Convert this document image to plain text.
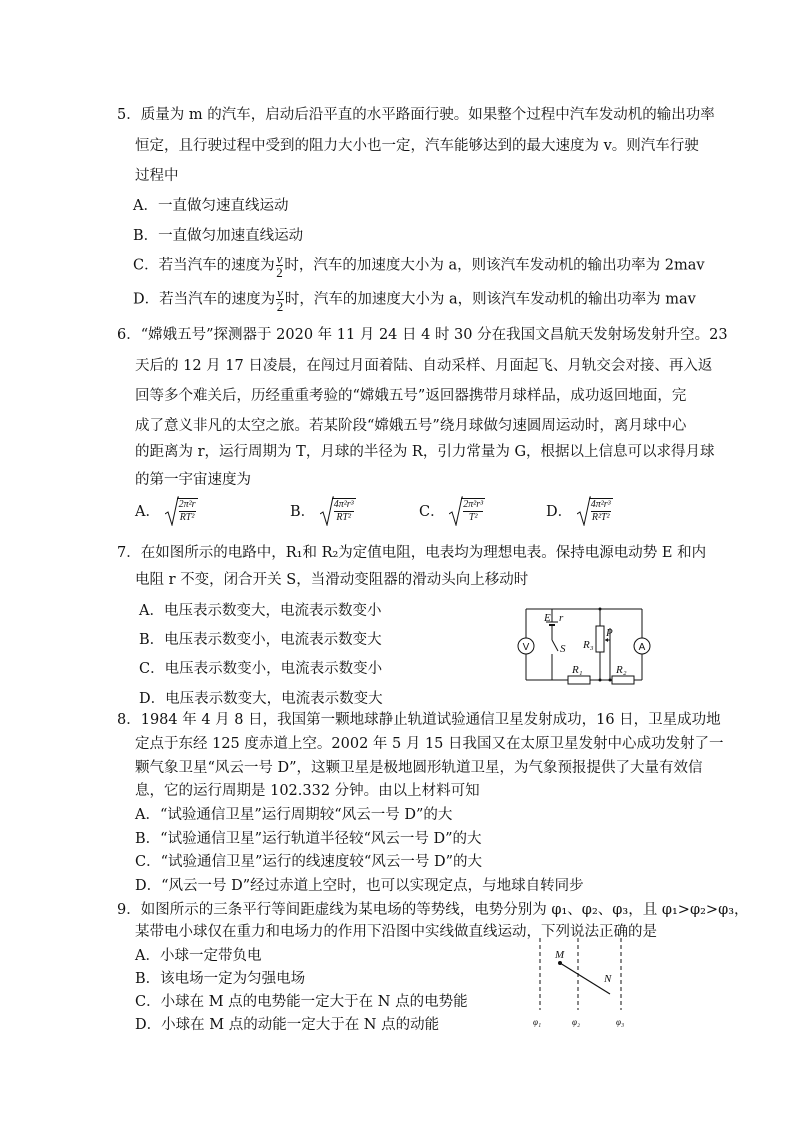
5．质量为 m 的汽车，启动后沿平直的水平路面行驶。如果整个过程中汽车发动机的输出功率
恒定，且行驶过程中受到的阻力大小也一定，汽车能够达到的最大速度为 v。则汽车行驶
过程中
A．一直做匀速直线运动
B．一直做匀加速直线运动
C．若当汽车的速度为 $\frac{v}{2}$ 时，汽车的加速度大小为 a，则该汽车发动机的输出功率为 2mav
D．若当汽车的速度为 $\frac{v}{2}$ 时，汽车的加速度大小为 a，则该汽车发动机的输出功率为 mav
6．“嫦娥五号”探测器于 2020 年 11 月 24 日 4 时 30 分在我国文昌航天发射场发射升空。23
天后的 12 月 17 日凌晨，在闯过月面着陆、自动采样、月面起飞、月轨交会对接、再入返
回等多个难关后，历经重重考验的“嫦娥五号”返回器携带月球样品，成功返回地面，完
成了意义非凡的太空之旅。若某阶段“嫦娥五号”绕月球做匀速圆周运动时，离月球中心
的距离为 r，运行周期为 T，月球的半径为 R，引力常量为 G，根据以上信息可以求得月球
的第一宇宙速度为
A． $\frac{\text{2π²r}}{\text{RT²}}$	B． $\frac{\text{4π²r³}}{\text{RT²}}$	C． $\frac{\text{2π²r³}}{\text{T²}}$	D． $\frac{\text{4π²r³}}{\text{R²T²}}$
7．在如图所示的电路中，R₁和 R₂为定值电阻，电表均为理想电表。保持电源电动势 E 和内
电阻 r 不变，闭合开关 S，当滑动变阻器的滑动头向上移动时
A．电压表示数变大，电流表示数变小
B．电压表示数变小，电流表示数变大
C．电压表示数变小，电流表示数变小
D．电压表示数变大，电流表示数变大
E r
S
P
R₃
R₁	R₂
V	A
8．1984 年 4 月 8 日，我国第一颗地球静止轨道试验通信卫星发射成功，16 日，卫星成功地
定点于东经 125 度赤道上空。2002 年 5 月 15 日我国又在太原卫星发射中心成功发射了一
颗气象卫星“风云一号 D”，这颗卫星是极地圆形轨道卫星，为气象预报提供了大量有效信
息，它的运行周期是 102.332 分钟。由以上材料可知
A．“试验通信卫星”运行周期较“风云一号 D”的大
B．“试验通信卫星”运行轨道半径较“风云一号 D”的大
C．“试验通信卫星”运行的线速度较“风云一号 D”的大
D．“风云一号 D”经过赤道上空时，也可以实现定点，与地球自转同步
9．如图所示的三条平行等间距虚线为某电场的等势线，电势分别为 φ₁、φ₂、φ₃，且 φ₁>φ₂>φ₃，
某带电小球仅在重力和电场力的作用下沿图中实线做直线运动，下列说法正确的是
A．小球一定带负电
B．该电场一定为匀强电场
C．小球在 M 点的电势能一定大于在 N 点的电势能
D．小球在 M 点的动能一定大于在 N 点的动能
M
N
φ₁	φ₂	φ₃
